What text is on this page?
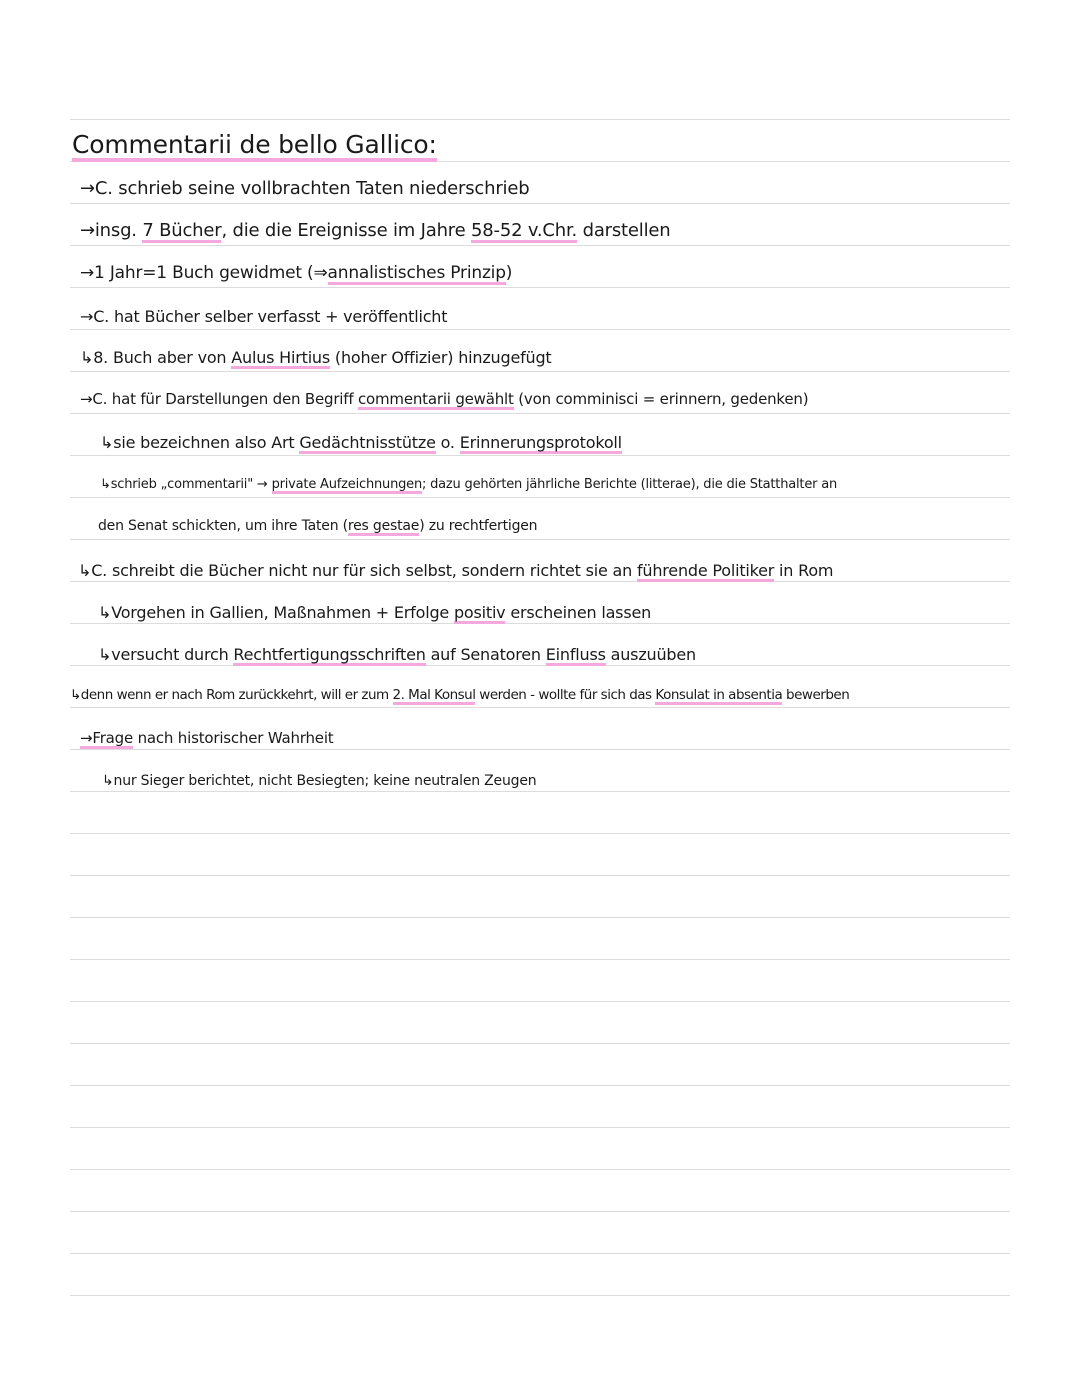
Commentarii de bello Gallico:
→C. schrieb seine vollbrachten Taten niederschrieb
→insg. 7 Bücher, die die Ereignisse im Jahre 58-52 v.Chr. darstellen
→1 Jahr=1 Buch gewidmet (⇒annalistisches Prinzip)
→C. hat Bücher selber verfasst + veröffentlicht
↳8. Buch aber von Aulus Hirtius (hoher Offizier) hinzugefügt
→C. hat für Darstellungen den Begriff commentarii gewählt (von comminisci = erinnern, gedenken)
↳sie bezeichnen also Art Gedächtnisstütze o. Erinnerungsprotokoll
↳schrieb „commentarii" → private Aufzeichnungen; dazu gehörten jährliche Berichte (litterae), die die Statthalter an
den Senat schickten, um ihre Taten (res gestae) zu rechtfertigen
↳C. schreibt die Bücher nicht nur für sich selbst, sondern richtet sie an führende Politiker in Rom
↳Vorgehen in Gallien, Maßnahmen + Erfolge positiv erscheinen lassen
↳versucht durch Rechtfertigungsschriften auf Senatoren Einfluss auszuüben
↳denn wenn er nach Rom zurückkehrt, will er zum 2. Mal Konsul werden - wollte für sich das Konsulat in absentia bewerben
→Frage nach historischer Wahrheit
↳nur Sieger berichtet, nicht Besiegten; keine neutralen Zeugen
